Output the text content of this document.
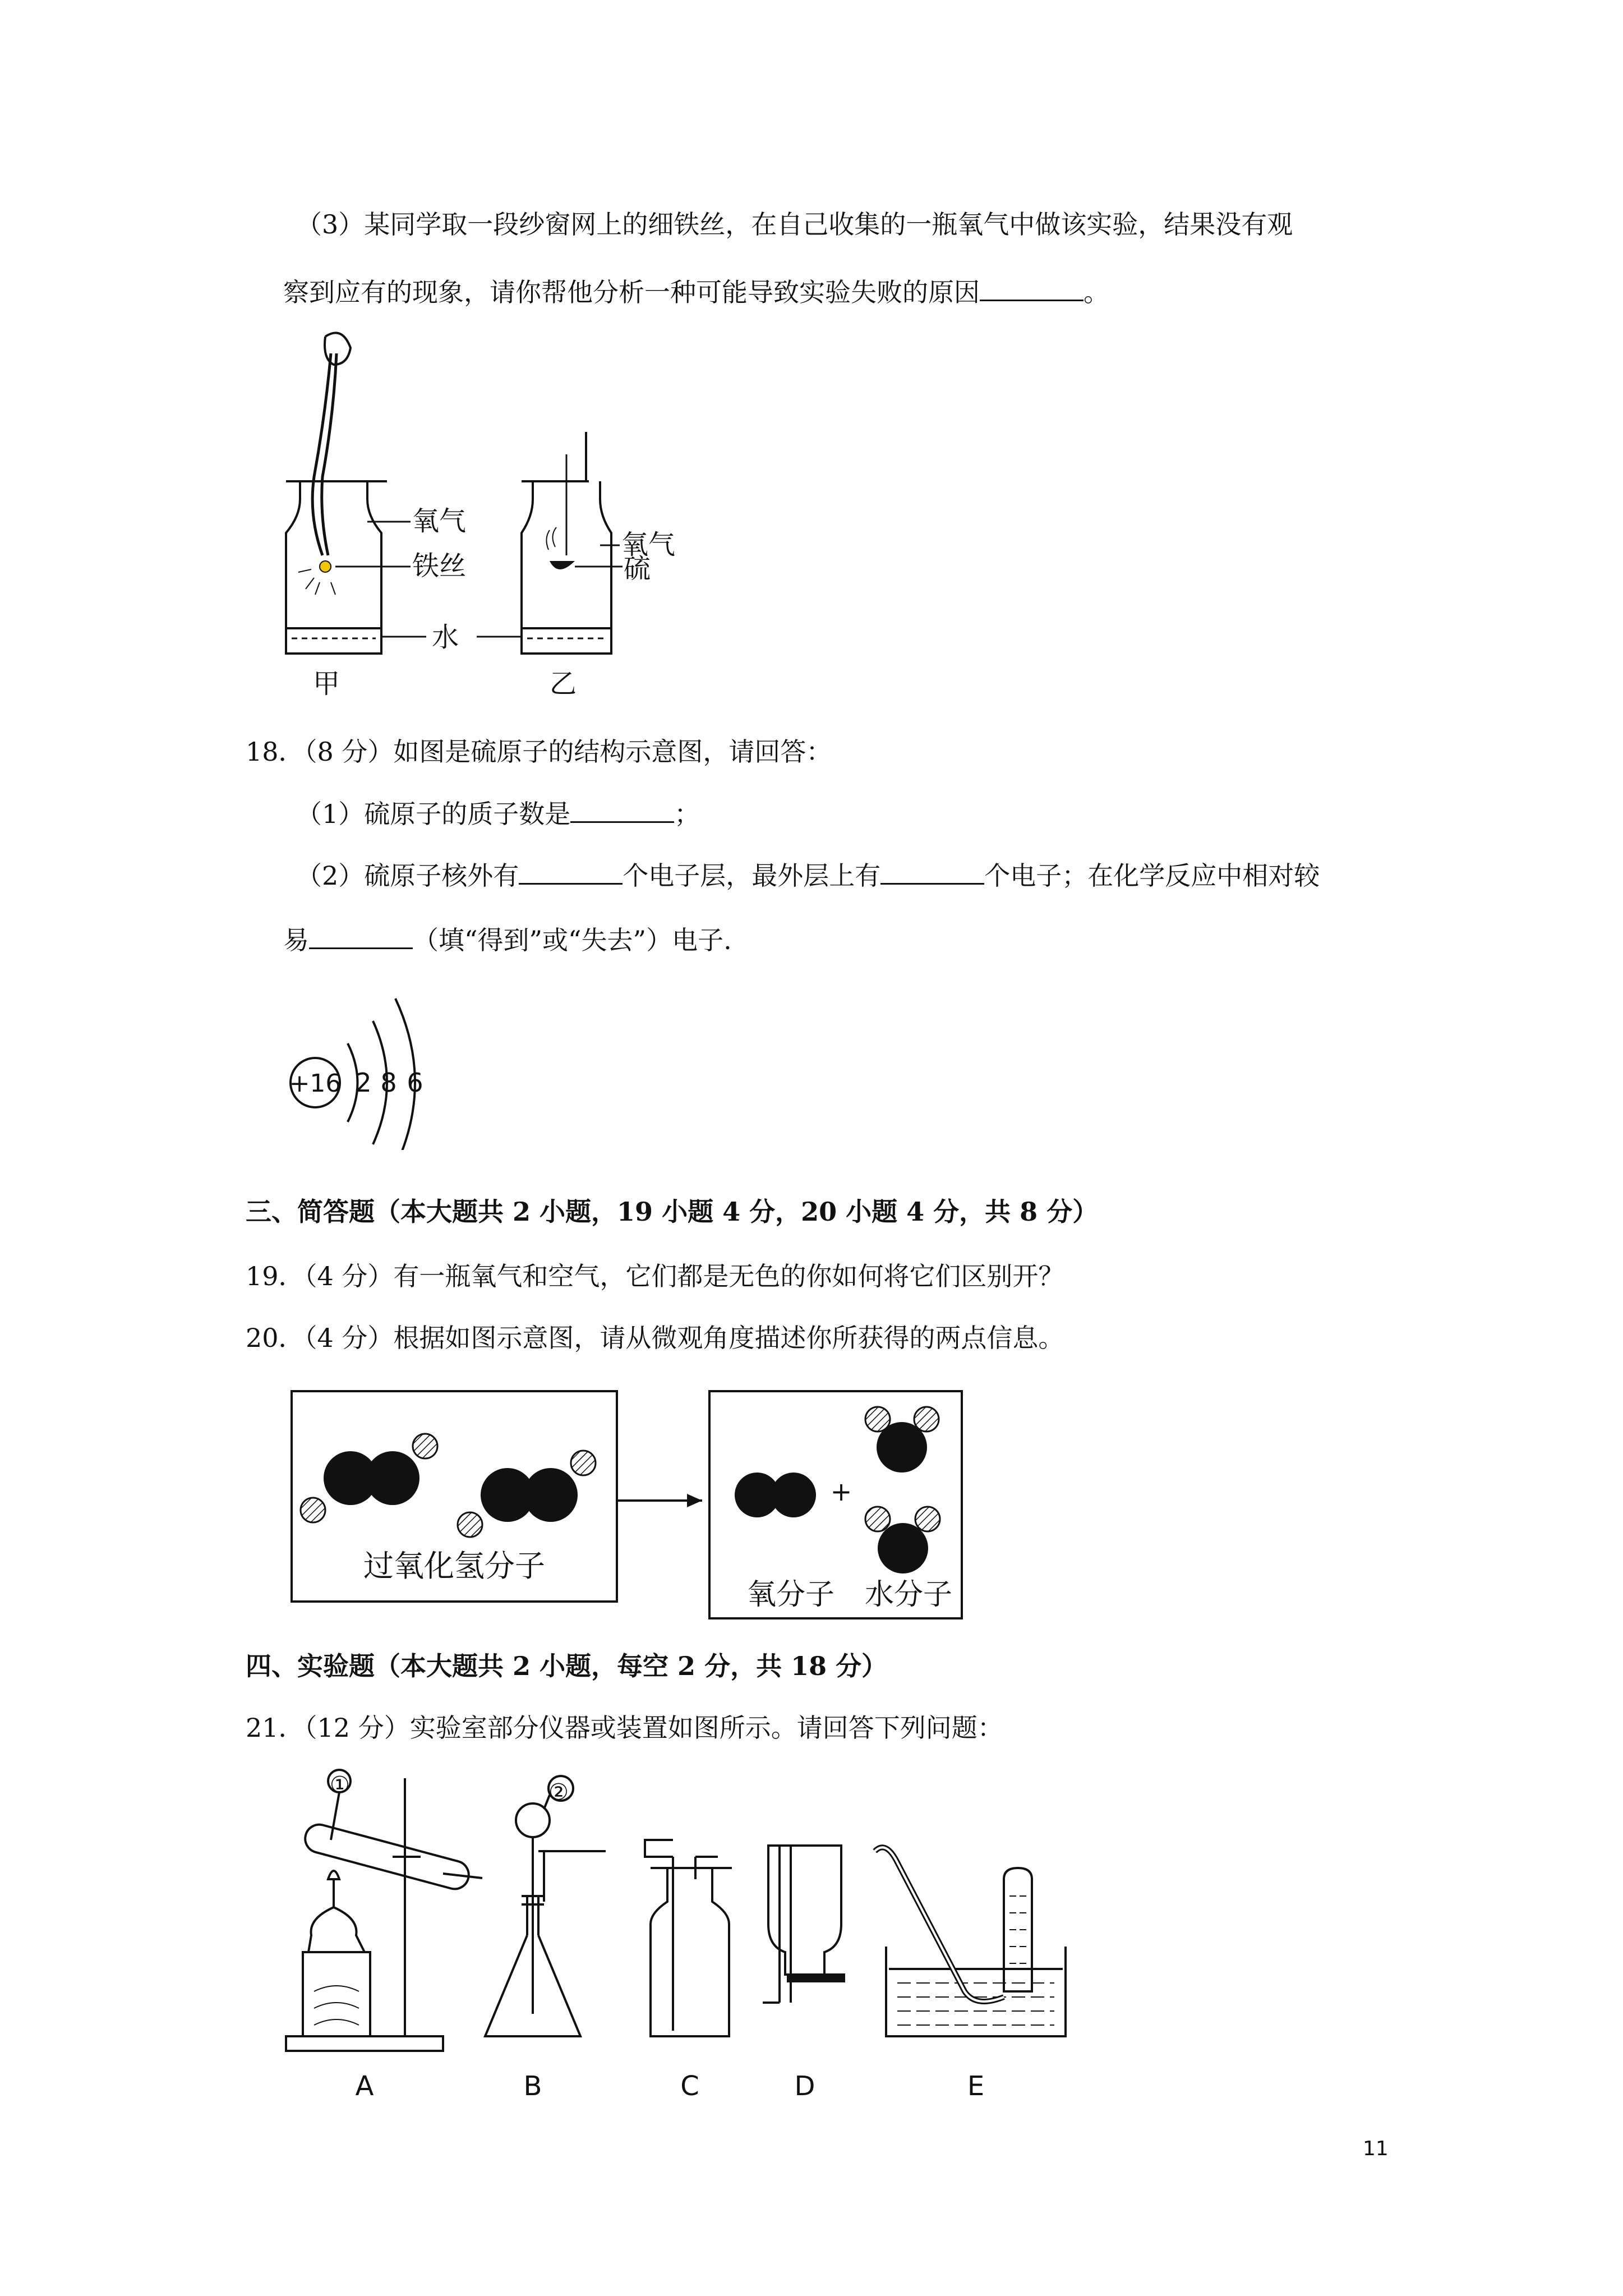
（3）某同学取一段纱窗网上的细铁丝，在自己收集的一瓶氧气中做该实验，结果没有观
察到应有的现象，请你帮他分析一种可能导致实验失败的原因	。
氧气
铁丝
水
甲
氧气
硫
乙
18．（8 分）如图是硫原子的结构示意图，请回答：
（1）硫原子的质子数是	；
（2）硫原子核外有	个电子层，最外层上有	个电子；在化学反应中相对较
易	（填“得到”或“失去”）电子.
+16 2 8 6
三、简答题（本大题共 2 小题，19 小题 4 分，20 小题 4 分，共 8 分）
19．（4 分）有一瓶氧气和空气，它们都是无色的你如何将它们区别开？
20．（4 分）根据如图示意图，请从微观角度描述你所获得的两点信息。
过氧化氢分子
+
氧分子 水分子
四、实验题（本大题共 2 小题，每空 2 分，共 18 分）
21．（12 分）实验室部分仪器或装置如图所示。请回答下列问题：
①	②
A	B	C	D	E
11
